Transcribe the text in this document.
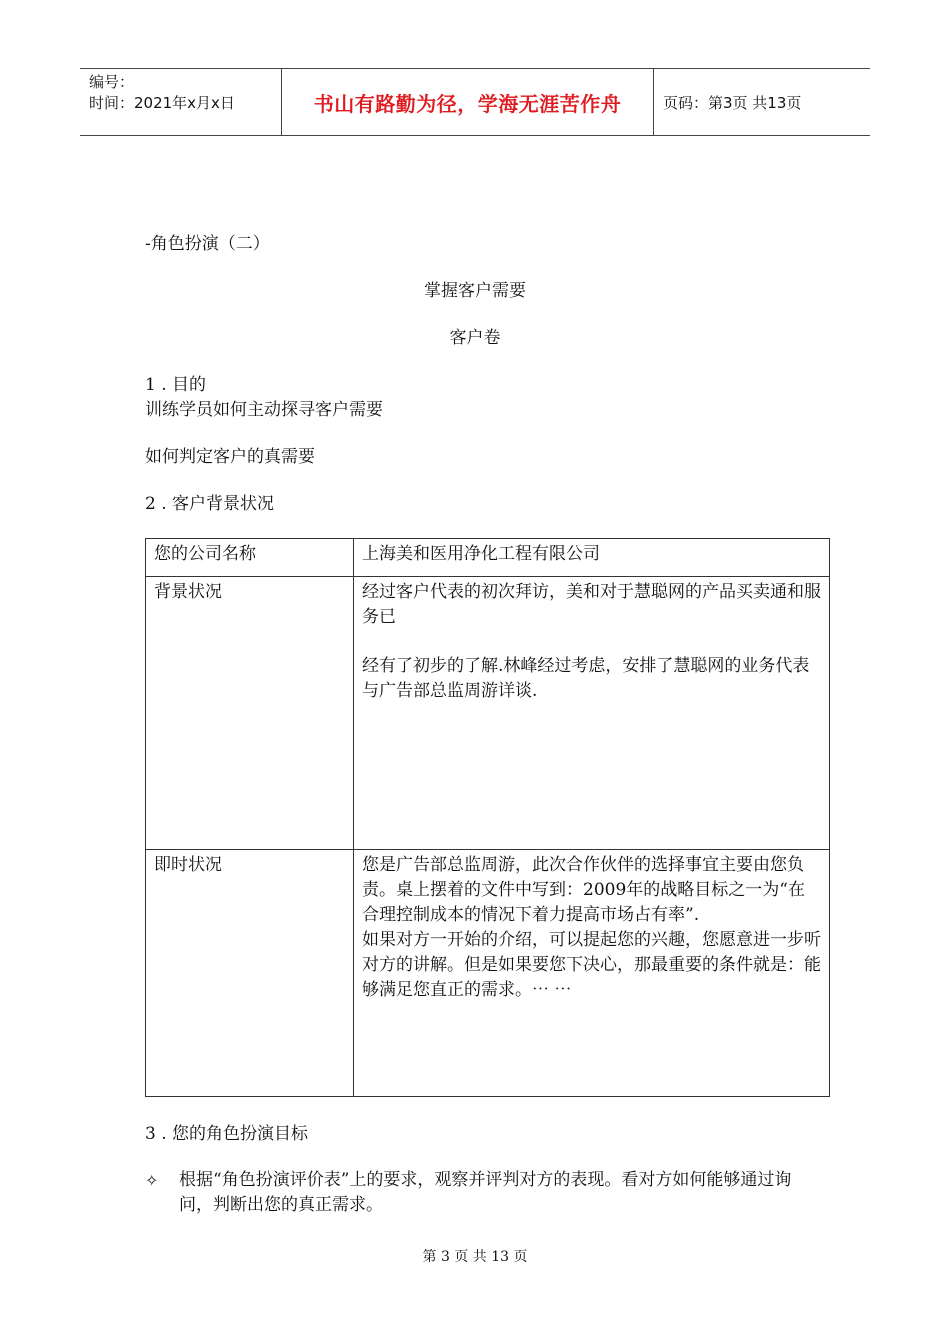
编号：
时间：2021年x月x日	书山有路勤为径，学海无涯苦作舟	页码：第3页 共13页
-角色扮演（二）
掌握客户需要
客户卷
1 . 目的
训练学员如何主动探寻客户需要
如何判定客户的真需要
2 . 客户背景状况
您的公司名称	上海美和医用净化工程有限公司

背景状况	经过客户代表的初次拜访，美和对于慧聪网的产品买卖通和服务已

经有了初步的了解.林峰经过考虑，安排了慧聪网的业务代表与广告部总监周游详谈.

即时状况	您是广告部总监周游，此次合作伙伴的选择事宜主要由您负责。桌上摆着的文件中写到：2009年的战略目标之一为“在合理控制成本的情况下着力提高市场占有率”.

如果对方一开始的介绍，可以提起您的兴趣，您愿意进一步听对方的讲解。但是如果要您下决心，那最重要的条件就是：能够满足您直正的需求。⋯ ⋯

3 . 您的角色扮演目标
✧ 根据“角色扮演评价表”上的要求，观察并评判对方的表现。看对方如何能够通过询问，判断出您的真正需求。
第 3 页 共 13 页
